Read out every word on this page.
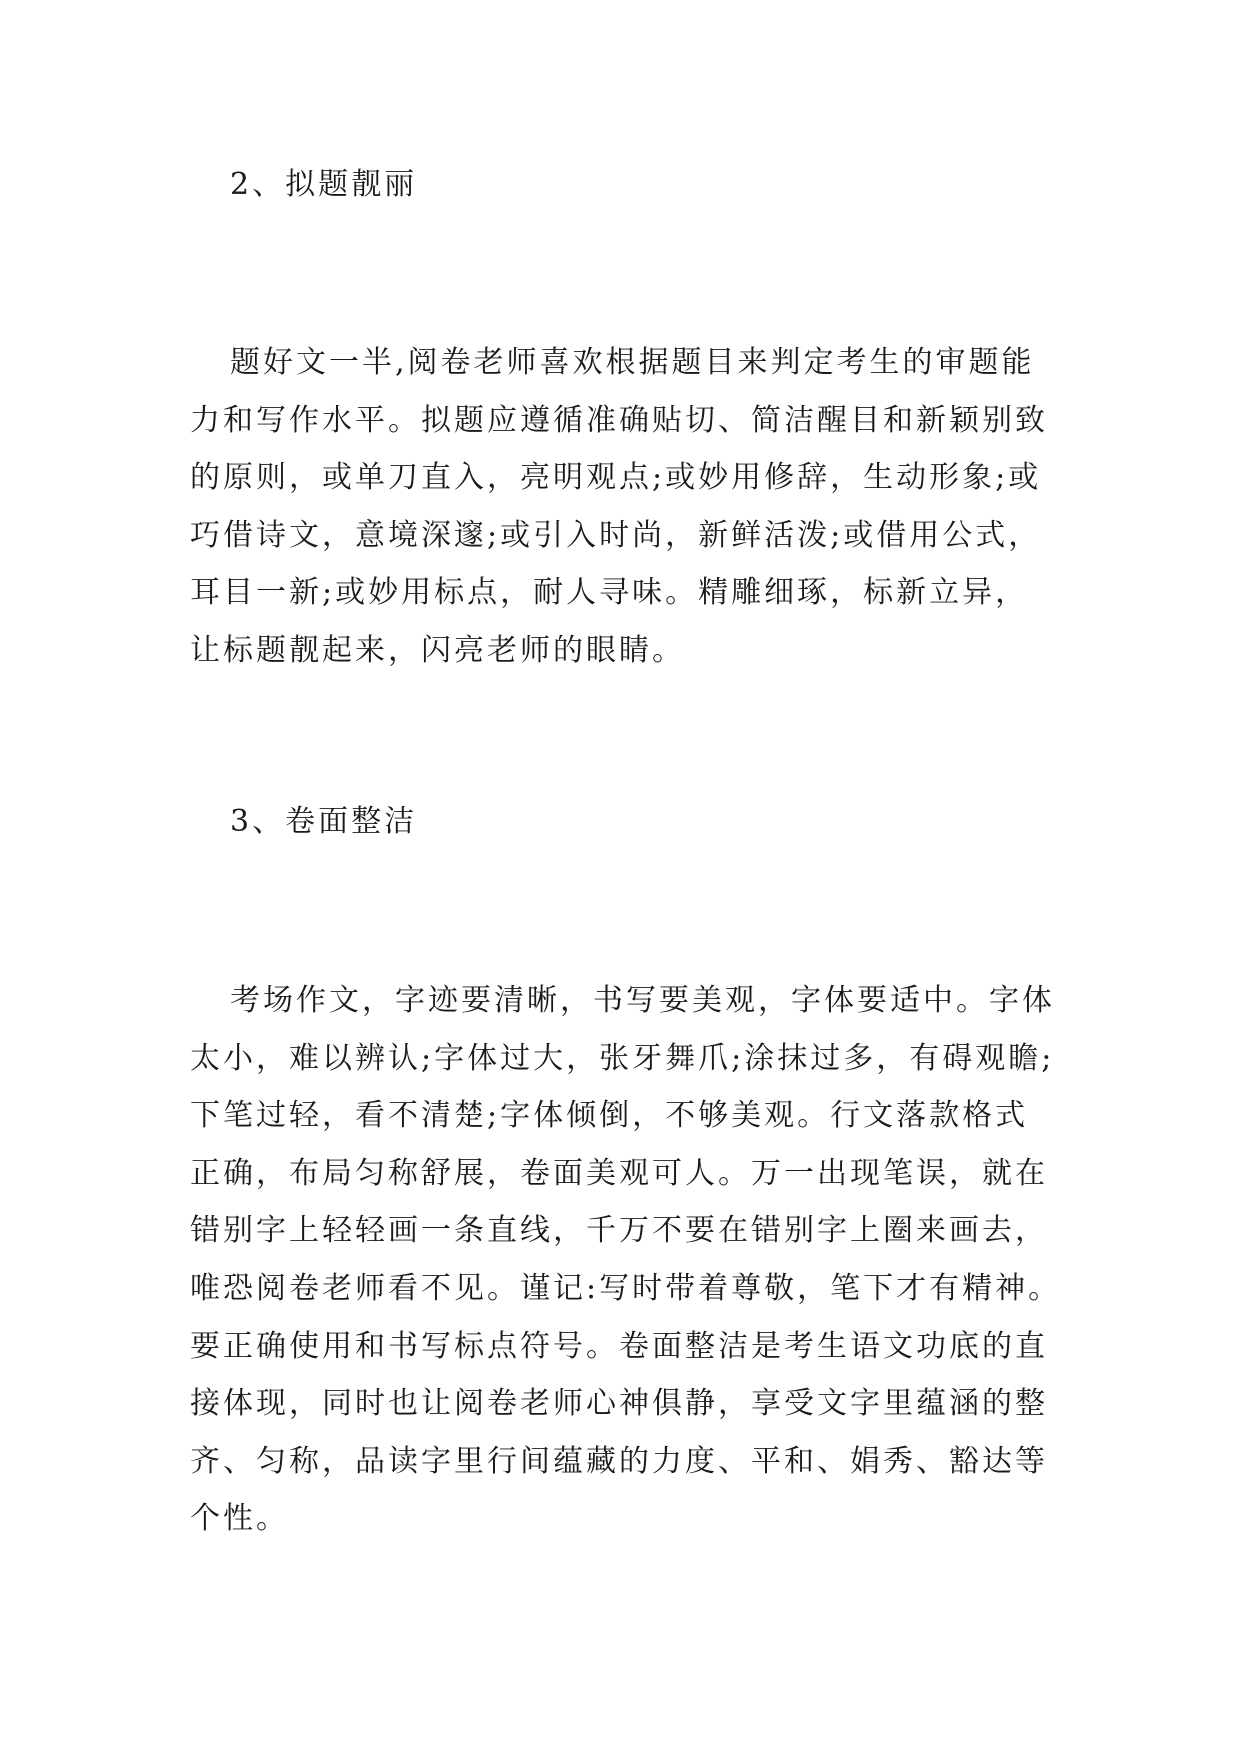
2、拟题靓丽
题好文一半,阅卷老师喜欢根据题目来判定考生的审题能
力和写作水平。拟题应遵循准确贴切、简洁醒目和新颖别致
的原则，或单刀直入，亮明观点;或妙用修辞，生动形象;或
巧借诗文，意境深邃;或引入时尚，新鲜活泼;或借用公式，
耳目一新;或妙用标点，耐人寻味。精雕细琢，标新立异，
让标题靓起来，闪亮老师的眼睛。
3、卷面整洁
考场作文，字迹要清晰，书写要美观，字体要适中。字体
太小，难以辨认;字体过大，张牙舞爪;涂抹过多，有碍观瞻;
下笔过轻，看不清楚;字体倾倒，不够美观。行文落款格式
正确，布局匀称舒展，卷面美观可人。万一出现笔误，就在
错别字上轻轻画一条直线，千万不要在错别字上圈来画去，
唯恐阅卷老师看不见。谨记:写时带着尊敬，笔下才有精神。
要正确使用和书写标点符号。卷面整洁是考生语文功底的直
接体现，同时也让阅卷老师心神俱静，享受文字里蕴涵的整
齐、匀称，品读字里行间蕴藏的力度、平和、娟秀、豁达等
个性。
